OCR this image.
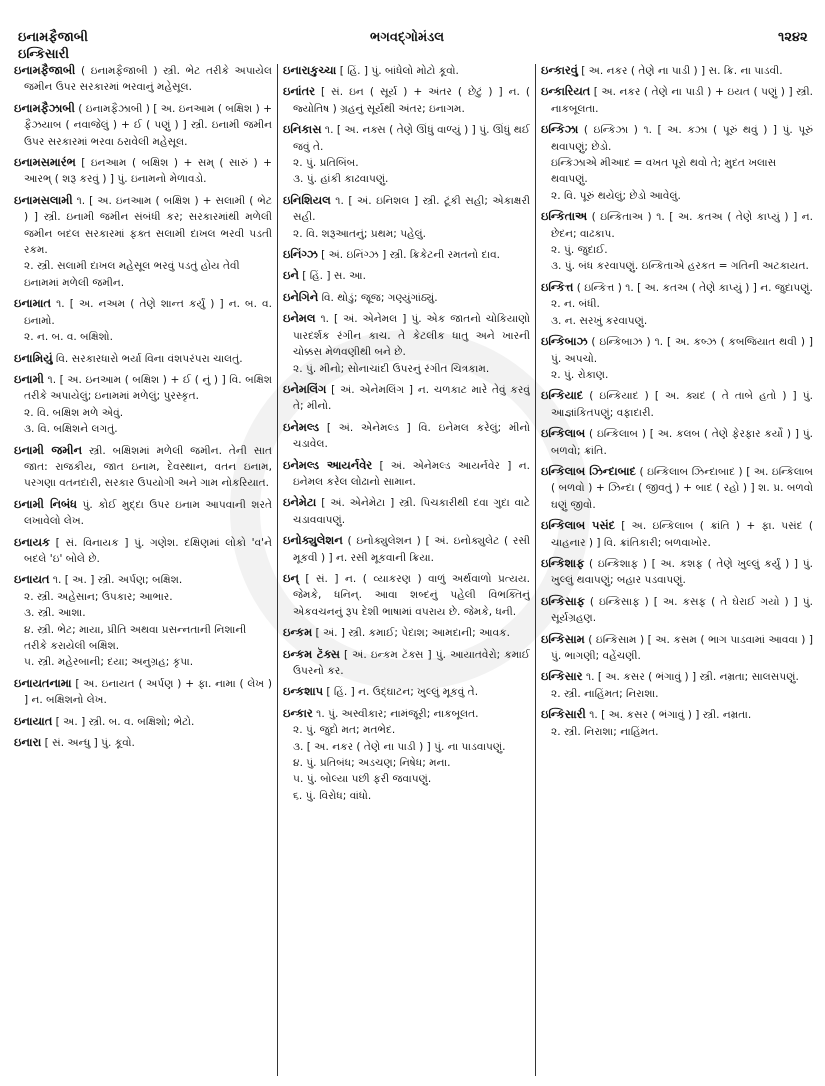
ઇનામફૈજાબી
ઇન્કિસારી
ભગવદ્ગોમંડલ	૧૨૪૨

ઇનામફૈજાબી ( ઇનામફૈજાબી ) સ્ત્રી. ભેટ તરીકે અપાયેલ જમીન ઉપર સરકારમાં ભરવાનું મહેસૂલ.

ઇનામફૈઝાબી ( ઇનામફૈઝાબી ) [ અ. ઇનઆમ ( બક્ષિશ ) + ફૈઝયાબ ( નવાજેલું ) + ઈ ( પણું ) ] સ્ત્રી. ઇનામી જમીન ઉપર સરકારમાં ભરવા ઠરાવેલી મહેસૂલ.

ઇનામસમારંભ [ ઇનઆમ ( બક્ષિશ ) + સમ્ ( સારું ) + આરભ્ ( શરૂ કરવું ) ] પું. ઇનામનો મેળાવડો.

ઇનામસલામી ૧. [ અ. ઇનઆમ ( બક્ષિશ ) + સલામી ( ભેટ ) ] સ્ત્રી. ઇનામી જમીન સંબંધી કર; સરકારમાંથી મળેલી જમીન બદલ સરકારમાં ફક્ત સલામી દાખલ ભરવી પડતી રકમ.

૨. સ્ત્રી. સલામી દાખલ મહેસૂલ ભરવું પડતું હોય તેવી ઇનામમાં મળેલી જમીન.

ઇનામાત ૧. [ અ. નઅમ ( તેણે શાન્ત કર્યું ) ] ન. બ. વ. ઇનામો.

૨. ન. બ. વ. બક્ષિશો.

ઇનામિયું વિ. સરકારધારો ભર્યા વિના વંશપરંપરા ચાલતું.

ઇનામી ૧. [ અ. ઇનઆમ ( બક્ષિશ ) + ઈ ( નું ) ] વિ. બક્ષિશ તરીકે અપાયેલું; ઇનામમાં મળેલું; પુરસ્કૃત.

૨. વિ. બક્ષિશ મળે એવું.

૩. વિ. બક્ષિશને લગતું.

ઇનામી જમીન સ્ત્રી. બક્ષિશમાં મળેલી જમીન. તેની સાત જાત: રાજકીય, જાત ઇનામ, દેવસ્થાન, વતન ઇનામ, પરગણા વતનદારી, સરકાર ઉપયોગી અને ગામ નોકરિયાત.

ઇનામી નિબંધ પું. કોઈ મુદ્દા ઉપર ઇનામ આપવાની શરતે લખાવેલો લેખ.

ઇનાયક [ સં. વિનાયક ] પું. ગણેશ. દક્ષિણમાં લોકો 'વ'ને બદલે 'ઇ' બોલે છે.

ઇનાયત ૧. [ અ. ] સ્ત્રી. અર્પણ; બક્ષિશ.

૨. સ્ત્રી. અહેસાન; ઉપકાર; આભાર.

૩. સ્ત્રી. આશા.

૪. સ્ત્રી. ભેટ; માયા, પ્રીતિ અથવા પ્રસન્નતાની નિશાની તરીકે કરાયેલી બક્ષિશ.

૫. સ્ત્રી. મહેરબાની; દયા; અનુગ્રહ; કૃપા.

ઇનાયતનામા [ અ. ઇનાયત ( અર્પણ ) + ફા. નામા ( લેખ ) ] ન. બક્ષિશનો લેખ.

ઇનાયાત [ અ. ] સ્ત્રી. બ. વ. બક્ષિશો; ભેટો.

ઇનારા [ સં. અન્ધુ ] પું. કૂવો.

ઇનારાકુચ્ચા [ હિં. ] પું. બાંધેલો મોટો કૂવો.

ઇનાંતર [ સં. ઇન ( સૂર્ય ) + અંતર ( છેટું ) ] ન. ( જ્યોતિષ ) ગ્રહનું સૂર્યથી અંતર; ઇનાગમ.

ઇનિકાસ ૧. [ અ. નક્સ ( તેણે ઊંધું વાળ્યું ) ] પું. ઊંધું થઈ જવું તે.

૨. પું. પ્રતિબિંબ.

૩. પું. હાંકી કાઢવાપણું.

ઇનિશિયલ ૧. [ અં. ઇનિશલ ] સ્ત્રી. ટૂંકી સહી; એકાક્ષરી સહી.

૨. વિ. શરૂઆતનું; પ્રથમ; પહેલું.

ઇનિંગ્ઝ [ અં. ઇનિંગ્ઝ ] સ્ત્રી. ક્રિકેટની રમતનો દાવ.

ઇને [ હિં. ] સ. આ.

ઇનેગિને વિ. થોડું; જૂજ; ગણ્યુંગાંઠ્યું.

ઇનેમલ ૧. [ અં. એનેમલ ] પું. એક જાતનો ચોકિયાણો પારદર્શક રંગીન કાચ. તે કેટલીક ધાતુ અને ખારની ચોક્કસ મેળવણીથી બને છે.

૨. પું. મીનો; સોનાચાંદી ઉપરનું રંગીત ચિત્રકામ.

ઇનેમલિંગ [ અં. એનેમલિંગ ] ન. ચળકાટ મારે તેવું કરવું તે; મીનો.

ઇનેમલ્ડ [ અં. એનેમલ્ડ ] વિ. ઇનેમલ કરેલું; મીનો ચડાવેલ.

ઇનેમલ્ડ આયર્નવેર [ અં. એનેમલ્ડ આયર્નવેર ] ન. ઇનેમલ કરેલ લોઢાનો સામાન.

ઇનેમેટા [ અં. એનેમેટા ] સ્ત્રી. પિચકારીથી દવા ગુદા વાટે ચડાવવાપણું.

ઇનોક્યુલેશન ( ઇનોક્યુલેશન ) [ અં. ઇનોક્યુલેટ ( રસી મૂકવી ) ] ન. રસી મૂકવાની ક્રિયા.

ઇન્ [ સં. ] ન. ( વ્યાકરણ ) વાળું અર્થવાળો પ્રત્યય. જેમકે, ધનિન્. આવા શબ્દનું પહેલી વિભક્તિનું એકવચનનું રૂપ દેશી ભાષામાં વપરાય છે. જેમકે, ધની.

ઇન્કમ [ અં. ] સ્ત્રી. કમાઈ; પેદાશ; આમદાની; આવક.

ઇન્કમ ટૅક્સ [ અં. ઇન્કમ ટૅક્સ ] પું. આયાતવેરો; કમાઈ ઉપરનો કર.

ઇન્કશાપ [ હિં. ] ન. ઉદ્ઘાટન; ખુલ્લું મૂકવું તે.

ઇન્કાર ૧. પું. અસ્વીકાર; નામંજૂરી; નાકબૂલત.

૨. પું. જુદો મત; મતભેદ.

૩. [ અ. નકર ( તેણે ના પાડી ) ] પું. ના પાડવાપણું.

૪. પું. પ્રતિબંધ; અડચણ; નિષેધ; મના.

૫. પું. બોલ્યા પછી ફરી જવાપણું.

૬. પું. વિરોધ; વાંધો.

ઇન્કારવું [ અ. નકર ( તેણે ના પાડી ) ] સ. ક્રિ. ના પાડવી.

ઇન્કારિયત [ અ. નકર ( તેણે ના પાડી ) + ઇયત ( પણું ) ] સ્ત્રી. નાકબૂલતા.

ઇન્કિઝા ( ઇન્કિઝા ) ૧. [ અ. કઝા ( પૂરું થવું ) ] પું. પૂરું થવાપણું; છેડો.

ઇન્કિઝાએ મીઆદ = વખત પૂરો થવો તે; મુદત ખલાસ થવાપણું.

૨. વિ. પૂરું થયેલું; છેડો આવેલું.

ઇન્કિતાઅ ( ઇન્કિતાઅ ) ૧. [ અ. કતઅ ( તેણે કાપ્યું ) ] ન. છેદન; વાઢકાપ.

૨. પું. જુદાઈ.

૩. પું. બંધ કરવાપણું. ઇન્કિતાએ હરકત = ગતિની અટકાયત.

ઇન્કિત્ત ( ઇન્કિત્ત ) ૧. [ અ. કતઅ ( તેણે કાપ્યું ) ] ન. જુદાપણું.

૨. ન. બંધી.

૩. ન. સરખું કરવાપણું.

ઇન્કિબાઝ ( ઇન્કિબાઝ ) ૧. [ અ. કબ્ઝ ( કબજિયાત થવી ) ] પું. અપચો.

૨. પું. રોકાણ.

ઇન્કિયાદ ( ઇન્કિયાદ ) [ અ. ક્યદ ( તે તાબે હતો ) ] પું. આજ્ઞાંકિતપણું; વફાદારી.

ઇન્કિલાબ ( ઇન્કિલાબ ) [ અ. કલબ ( તેણે ફેરફાર કર્યો ) ] પું. બળવો; ક્રાંતિ.

ઇન્કિલાબ ઝિન્દાબાદ ( ઇન્કિલાબ ઝિન્દાબાદ ) [ અ. ઇન્કિલાબ ( બળવો ) + ઝિન્દા ( જીવતું ) + બાદ ( રહો ) ] શ. પ્ર. બળવો ઘણું જીવો.

ઇન્કિલાબ પસંદ [ અ. ઇન્કિલાબ ( ક્રાંતિ ) + ફા. પસંદ ( ચાહનાર ) ] વિ. ક્રાંતિકારી; બળવાખોર.

ઇન્કિશાફ ( ઇન્કિશાફ ) [ અ. કશફ ( તેણે ખુલ્લું કર્યું ) ] પું. ખુલ્લું થવાપણું; બહાર પડવાપણું.

ઇન્કિસાફ ( ઇન્કિસાફ ) [ અ. કસફ ( તે ઘેરાઈ ગયો ) ] પું. સૂર્યગ્રહણ.

ઇન્કિસામ ( ઇન્કિસામ ) [ અ. કસમ ( ભાગ પાડવામાં આવવા ) ] પું. ભાગણી; વહેંચણી.

ઇન્કિસાર ૧. [ અ. કસર ( ભંગાવું ) ] સ્ત્રી. નમ્રતા; સાલસપણું.

૨. સ્ત્રી. નાહિંમત; નિરાશા.

ઇન્કિસારી ૧. [ અ. કસર ( ભંગાવું ) ] સ્ત્રી. નમ્રતા.

૨. સ્ત્રી. નિરાશા; નાહિંમત.
